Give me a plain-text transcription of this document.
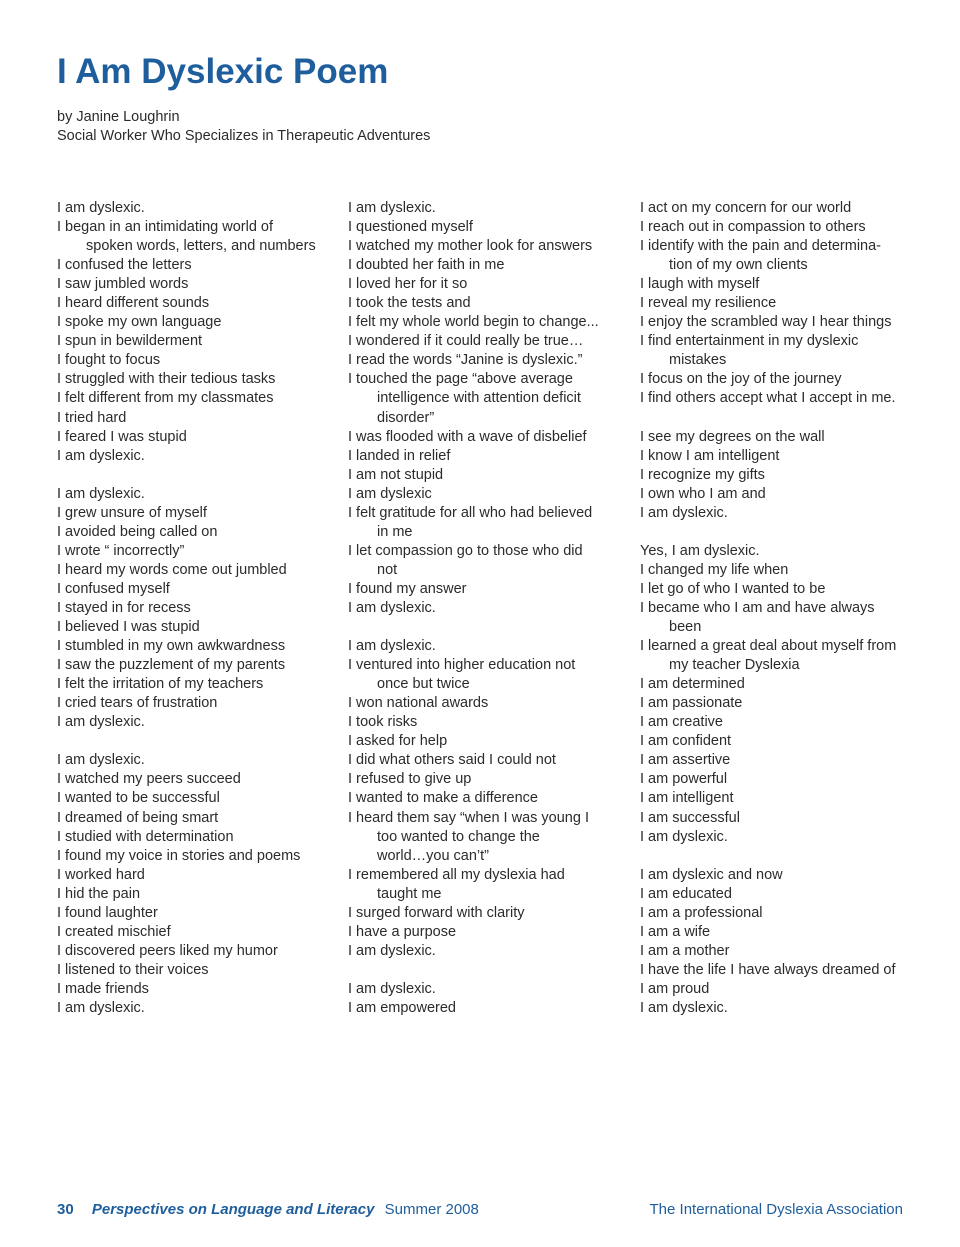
I Am Dyslexic Poem
by Janine Loughrin
Social Worker Who Specializes in Therapeutic Adventures
I am dyslexic.
I began in an intimidating world of
spoken words, letters, and numbers
I confused the letters
I saw jumbled words
I heard different sounds
I spoke my own language
I spun in bewilderment
I fought to focus
I struggled with their tedious tasks
I felt different from my classmates
I tried hard
I feared I was stupid
I am dyslexic.
I am dyslexic.
I grew unsure of myself
I avoided being called on
I wrote “ incorrectly”
I heard my words come out jumbled
I confused myself
I stayed in for recess
I believed I was stupid
I stumbled in my own awkwardness
I saw the puzzlement of my parents
I felt the irritation of my teachers
I cried tears of frustration
I am dyslexic.
I am dyslexic.
I watched my peers succeed
I wanted to be successful
I dreamed of being smart
I studied with determination
I found my voice in stories and poems
I worked hard
I hid the pain
I found laughter
I created mischief
I discovered peers liked my humor
I listened to their voices
I made friends
I am dyslexic.
I am dyslexic.
I questioned myself
I watched my mother look for answers
I doubted her faith in me
I loved her for it so
I took the tests and
I felt my whole world begin to change...
I wondered if it could really be true…
I read the words “Janine is dyslexic.”
I touched the page “above average
intelligence with attention deficit
disorder”
I was flooded with a wave of disbelief
I landed in relief
I am not stupid
I am dyslexic
I felt gratitude for all who had believed
in me
I let compassion go to those who did
not
I found my answer
I am dyslexic.
I am dyslexic.
I ventured into higher education not
once but twice
I won national awards
I took risks
I asked for help
I did what others said I could not
I refused to give up
I wanted to make a difference
I heard them say “when I was young I
too wanted to change the
world…you can’t”
I remembered all my dyslexia had
taught me
I surged forward with clarity
I have a purpose
I am dyslexic.
I am dyslexic.
I am empowered
I act on my concern for our world
I reach out in compassion to others
I identify with the pain and determina-
tion of my own clients
I laugh with myself
I reveal my resilience
I enjoy the scrambled way I hear things
I find entertainment in my dyslexic
mistakes
I focus on the joy of the journey
I find others accept what I accept in me.
I see my degrees on the wall
I know I am intelligent
I recognize my gifts
I own who I am and
I am dyslexic.
Yes, I am dyslexic.
I changed my life when
I let go of who I wanted to be
I became who I am and have always
been
I learned a great deal about myself from
my teacher Dyslexia
I am determined
I am passionate
I am creative
I am confident
I am assertive
I am powerful
I am intelligent
I am successful
I am dyslexic.
I am dyslexic and now
I am educated
I am a professional
I am a wife
I am a mother
I have the life I have always dreamed of
I am proud
I am dyslexic.
30 Perspectives on Language and Literacy Summer 2008	The International Dyslexia Association
